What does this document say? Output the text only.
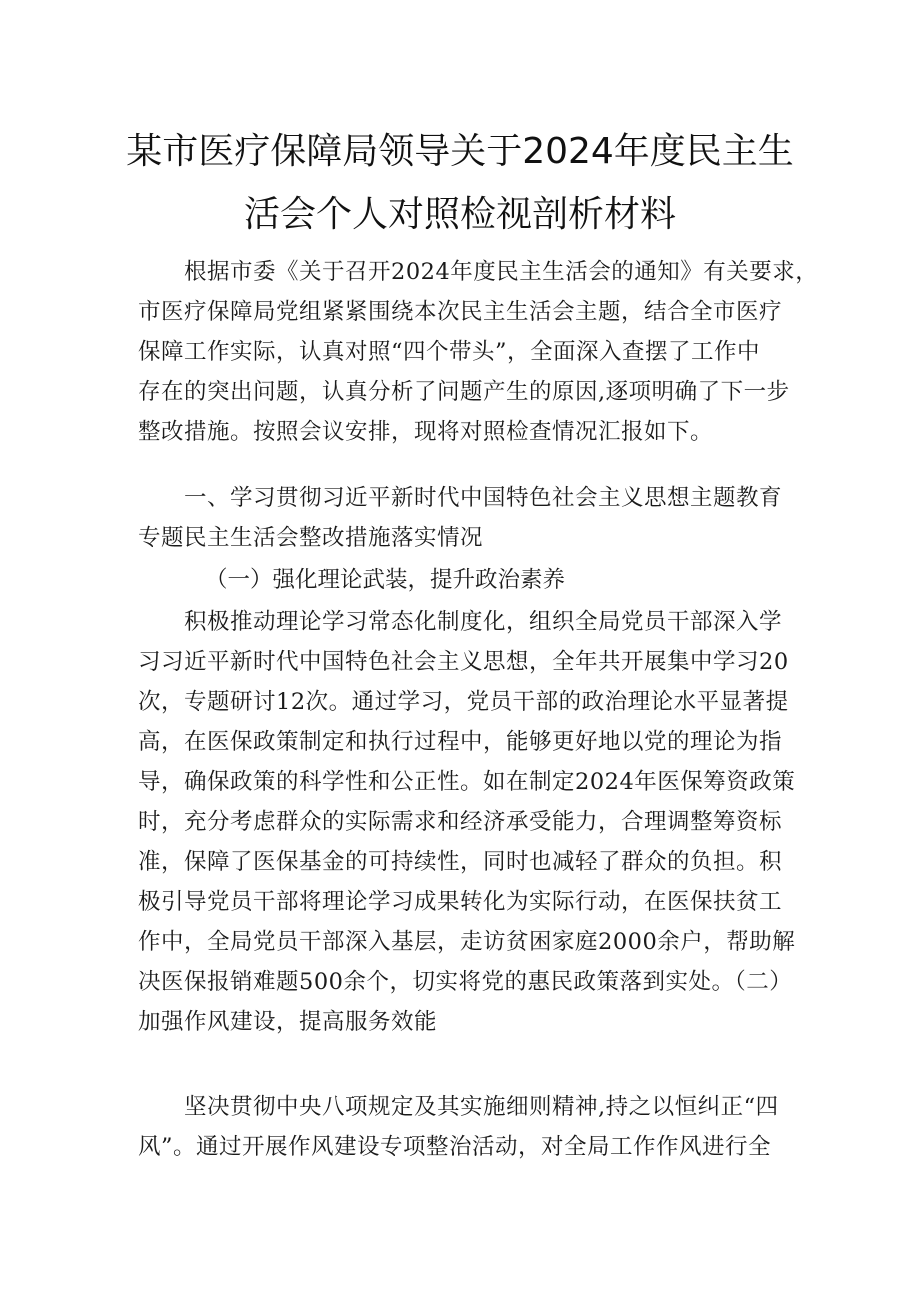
某市医疗保障局领导关于2024年度民主生
活会个人对照检视剖析材料
根据市委《关于召开2024年度民主生活会的通知》有关要求，
市医疗保障局党组紧紧围绕本次民主生活会主题，结合全市医疗
保障工作实际，认真对照“四个带头”，全面深入查摆了工作中
存在的突出问题，认真分析了问题产生的原因,逐项明确了下一步
整改措施。按照会议安排，现将对照检查情况汇报如下。
一、学习贯彻习近平新时代中国特色社会主义思想主题教育
专题民主生活会整改措施落实情况
（一）强化理论武装，提升政治素养
积极推动理论学习常态化制度化，组织全局党员干部深入学
习习近平新时代中国特色社会主义思想，全年共开展集中学习20
次，专题研讨12次。通过学习，党员干部的政治理论水平显著提
高，在医保政策制定和执行过程中，能够更好地以党的理论为指
导，确保政策的科学性和公正性。如在制定2024年医保筹资政策
时，充分考虑群众的实际需求和经济承受能力，合理调整筹资标
准，保障了医保基金的可持续性，同时也减轻了群众的负担。积
极引导党员干部将理论学习成果转化为实际行动，在医保扶贫工
作中，全局党员干部深入基层，走访贫困家庭2000余户，帮助解
决医保报销难题500余个，切实将党的惠民政策落到实处。（二）
加强作风建设，提高服务效能
坚决贯彻中央八项规定及其实施细则精神,持之以恒纠正“四
风”。通过开展作风建设专项整治活动，对全局工作作风进行全
